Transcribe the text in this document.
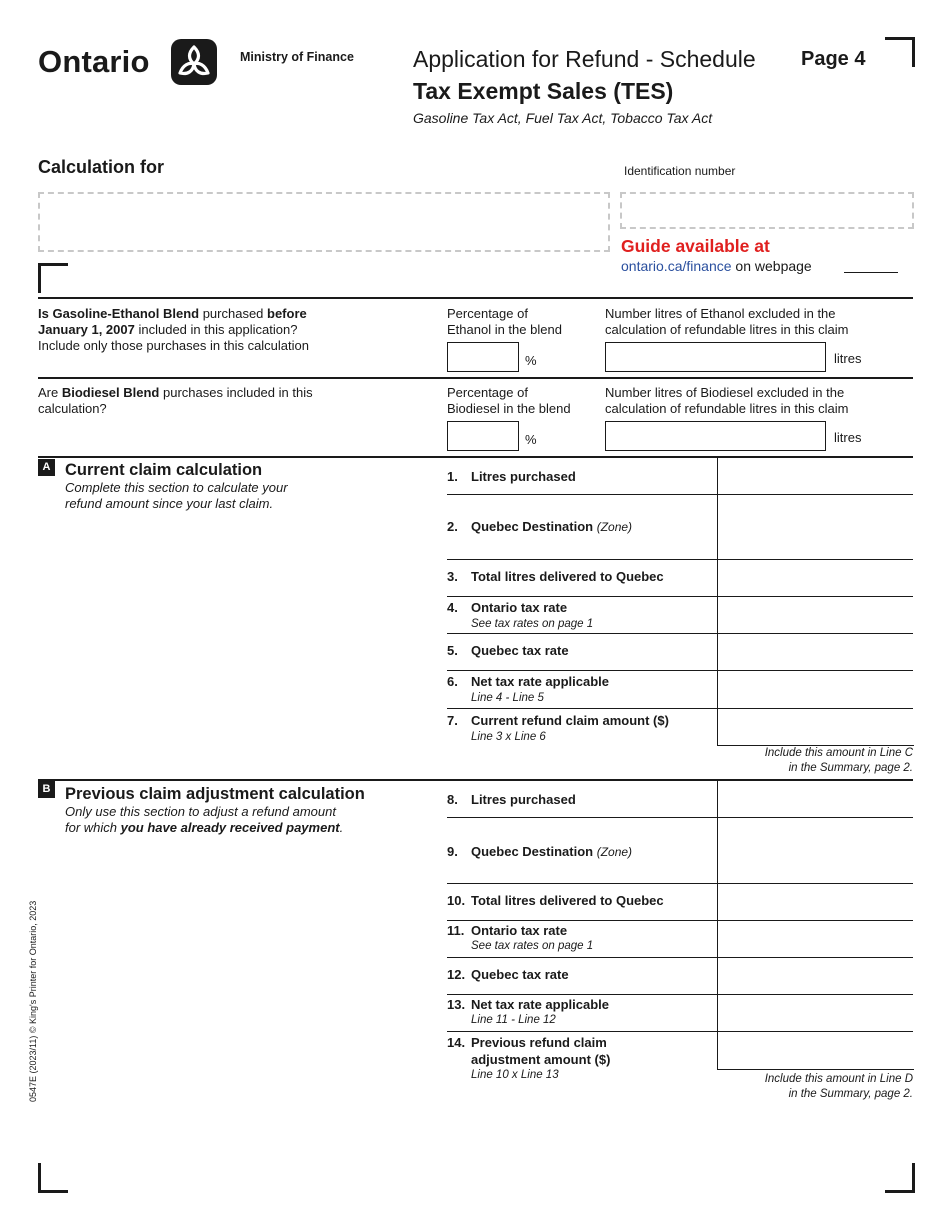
Ontario	Ministry of Finance	Application for Refund - Schedule
Tax Exempt Sales (TES)
Gasoline Tax Act, Fuel Tax Act, Tobacco Tax Act
Page 4
Calculation for	Identification number
Guide available at
ontario.ca/finance on webpage
Is Gasoline-Ethanol Blend purchased before
January 1, 2007 included in this application?
Include only those purchases in this calculation
Percentage of
Ethanol in the blend
%
Number litres of Ethanol excluded in the
calculation of refundable litres in this claim
litres
Are Biodiesel Blend purchases included in this
calculation?
Percentage of
Biodiesel in the blend
%
Number litres of Biodiesel excluded in the
calculation of refundable litres in this claim
litres
A Current claim calculation
Complete this section to calculate your
refund amount since your last claim.
1. Litres purchased
2. Quebec Destination (Zone)
3. Total litres delivered to Quebec
4. Ontario tax rate
See tax rates on page 1
5. Quebec tax rate
6. Net tax rate applicable
Line 4 - Line 5
7. Current refund claim amount ($)
Line 3 x Line 6
Include this amount in Line C
in the Summary, page 2.
B Previous claim adjustment calculation
Only use this section to adjust a refund amount
for which you have already received payment.
8. Litres purchased
9. Quebec Destination (Zone)
10. Total litres delivered to Quebec
11. Ontario tax rate
See tax rates on page 1
12. Quebec tax rate
13. Net tax rate applicable
Line 11 - Line 12
14. Previous refund claim
adjustment amount ($)
Line 10 x Line 13	Include this amount in Line D
in the Summary, page 2.
0547E (2023/11) © King's Printer for Ontario, 2023
